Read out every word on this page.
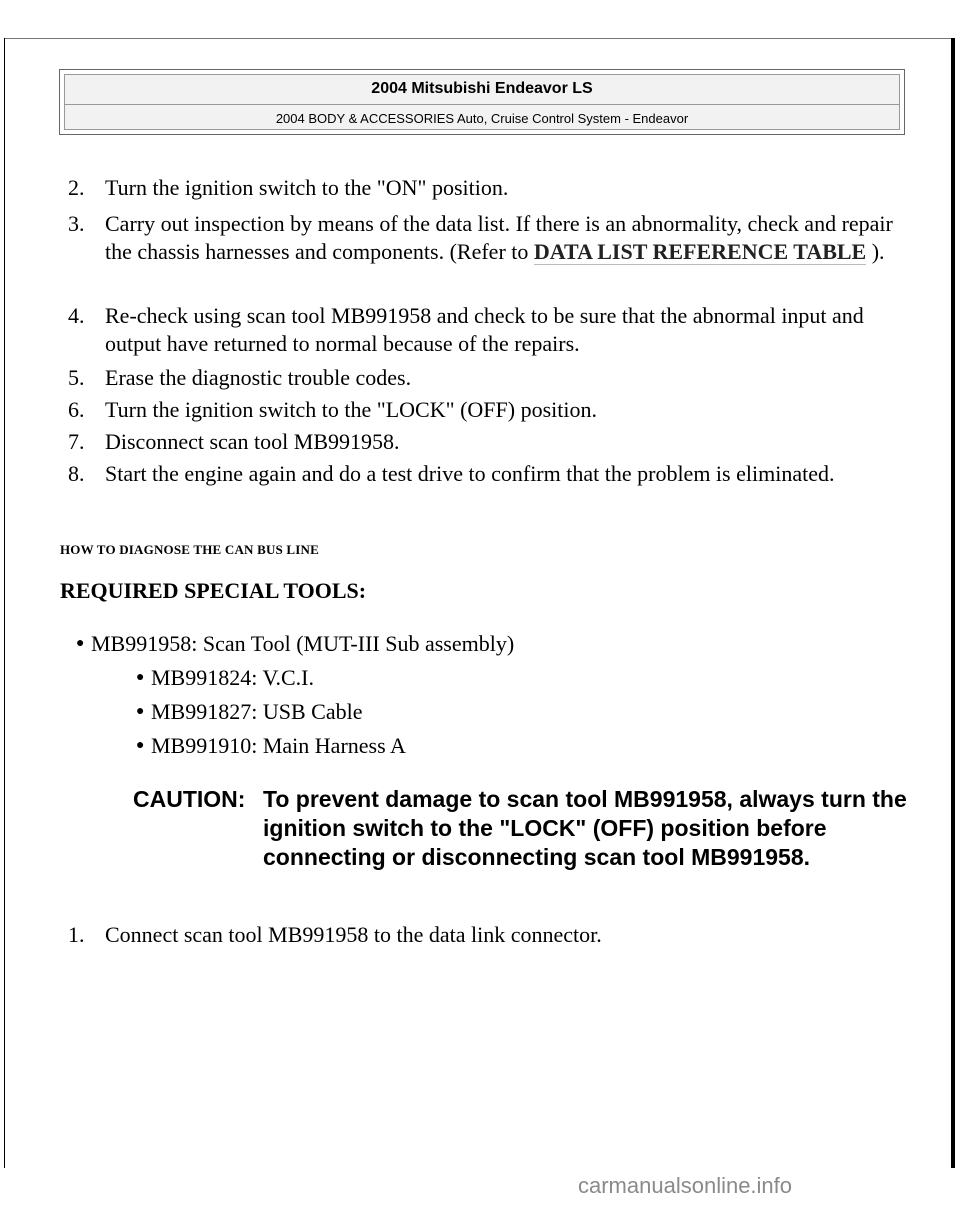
2004 Mitsubishi Endeavor LS
2004 BODY & ACCESSORIES Auto, Cruise Control System - Endeavor
2. Turn the ignition switch to the "ON" position.
3. Carry out inspection by means of the data list. If there is an abnormality, check and repair the chassis harnesses and components. (Refer to DATA LIST REFERENCE TABLE ).
4. Re-check using scan tool MB991958 and check to be sure that the abnormal input and output have returned to normal because of the repairs.
5. Erase the diagnostic trouble codes.
6. Turn the ignition switch to the "LOCK" (OFF) position.
7. Disconnect scan tool MB991958.
8. Start the engine again and do a test drive to confirm that the problem is eliminated.
HOW TO DIAGNOSE THE CAN BUS LINE
REQUIRED SPECIAL TOOLS:
● MB991958: Scan Tool (MUT-III Sub assembly)
● MB991824: V.C.I.
● MB991827: USB Cable
● MB991910: Main Harness A
CAUTION: To prevent damage to scan tool MB991958, always turn the ignition switch to the "LOCK" (OFF) position before connecting or disconnecting scan tool MB991958.
1. Connect scan tool MB991958 to the data link connector.
carmanualsonline.info
